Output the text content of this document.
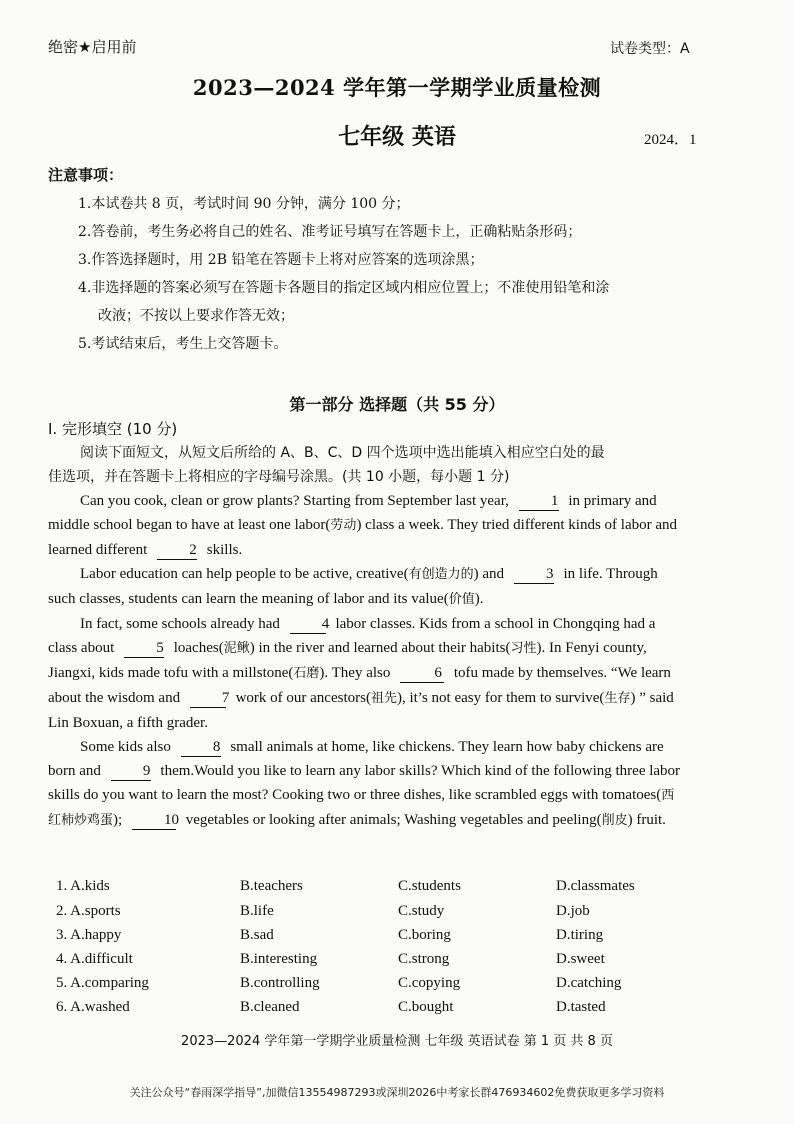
绝密★启用前	试卷类型：A
2023—2024 学年第一学期学业质量检测
七年级 英语	2024．1
注意事项：
1.本试卷共 8 页，考试时间 90 分钟，满分 100 分；
2.答卷前，考生务必将自己的姓名、准考证号填写在答题卡上，正确粘贴条形码；
3.作答选择题时，用 2B 铅笔在答题卡上将对应答案的选项涂黑；
4.非选择题的答案必须写在答题卡各题目的指定区域内相应位置上；不准使用铅笔和涂
改液；不按以上要求作答无效；
5.考试结束后，考生上交答题卡。
第一部分 选择题（共 55 分）
I. 完形填空 (10 分)
阅读下面短文，从短文后所给的 A、B、C、D 四个选项中选出能填入相应空白处的最
佳选项，并在答题卡上将相应的字母编号涂黑。(共 10 小题，每小题 1 分)

Can you cook, clean or grow plants? Starting from September last year,	1 in primary and middle school began to have at least one labor(劳动) class a week. They tried different kinds of labor and learned different	2 skills.

Labor education can help people to be active, creative(有创造力的) and	3 in life. Through such classes, students can learn the meaning of labor and its value(价值).

In fact, some schools already had	4 labor classes. Kids from a school in Chongqing had a class about	5 loaches(泥鳅) in the river and learned about their habits(习性). In Fenyi county, Jiangxi, kids made tofu with a millstone(石磨). They also	6 tofu made by themselves. “We learn about the wisdom and	7 work of our ancestors(祖先), it’s not easy for them to survive(生存) ” said Lin Boxuan, a fifth grader.

Some kids also	8 small animals at home, like chickens. They learn how baby chickens are born and	9 them.Would you like to learn any labor skills? Which kind of the following three labor skills do you want to learn the most? Cooking two or three dishes, like scrambled eggs with tomatoes(西红柿炒鸡蛋);	10 vegetables or looking after animals; Washing vegetables and peeling(削皮) fruit.

1. A.kids	B.teachers	C.students	D.classmates
2. A.sports	B.life	C.study	D.job
3. A.happy	B.sad	C.boring	D.tiring
4. A.difficult	B.interesting	C.strong	D.sweet
5. A.comparing	B.controlling	C.copying	D.catching
6. A.washed	B.cleaned	C.bought	D.tasted
2023—2024 学年第一学期学业质量检测 七年级 英语试卷 第 1 页 共 8 页
关注公众号“春雨深学指导”,加微信13554987293或深圳2026中考家长群476934602免费获取更多学习资料
